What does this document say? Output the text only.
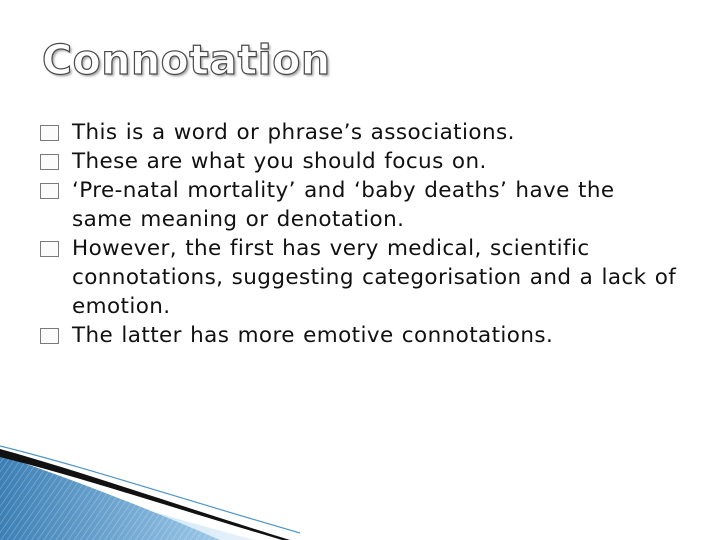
Connotation
This is a word or phrase’s associations.
These are what you should focus on.
‘Pre-natal mortality’ and ‘baby deaths’ have the same meaning or denotation.
However, the first has very medical, scientific connotations, suggesting categorisation and a lack of emotion.
The latter has more emotive connotations.
